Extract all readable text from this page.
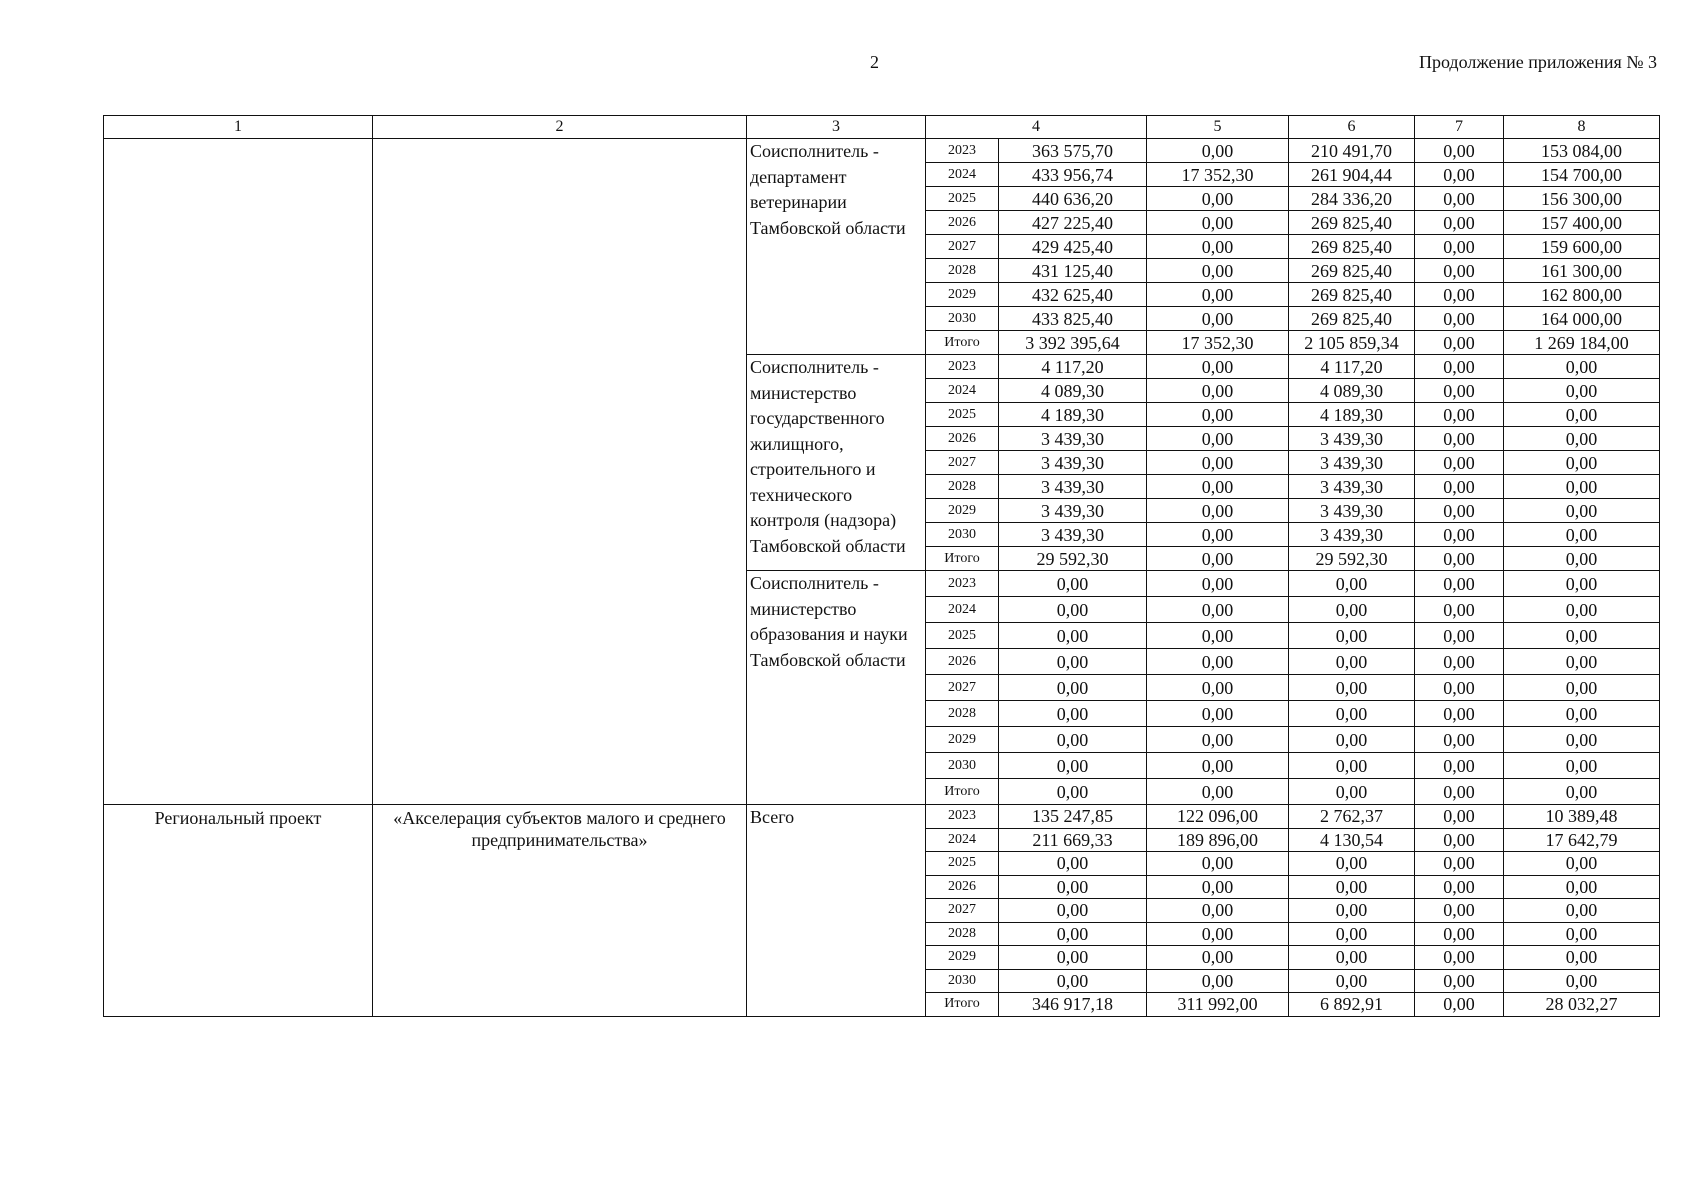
2	Продолжение приложения № 3
1	2	3	4		5	6	7	8
		Соисполнитель - департамент ветеринарии Тамбовской области	2023	363 575,70	0,00	210 491,70	0,00	153 084,00
			2024	433 956,74	17 352,30	261 904,44	0,00	154 700,00
			2025	440 636,20	0,00	284 336,20	0,00	156 300,00
			2026	427 225,40	0,00	269 825,40	0,00	157 400,00
			2027	429 425,40	0,00	269 825,40	0,00	159 600,00
			2028	431 125,40	0,00	269 825,40	0,00	161 300,00
			2029	432 625,40	0,00	269 825,40	0,00	162 800,00
			2030	433 825,40	0,00	269 825,40	0,00	164 000,00
			Итого	3 392 395,64	17 352,30	2 105 859,34	0,00	1 269 184,00
		Соисполнитель - министерство государственного жилищного, строительного и технического контроля (надзора) Тамбовской области	2023	4 117,20	0,00	4 117,20	0,00	0,00
			2024	4 089,30	0,00	4 089,30	0,00	0,00
			2025	4 189,30	0,00	4 189,30	0,00	0,00
			2026	3 439,30	0,00	3 439,30	0,00	0,00
			2027	3 439,30	0,00	3 439,30	0,00	0,00
			2028	3 439,30	0,00	3 439,30	0,00	0,00
			2029	3 439,30	0,00	3 439,30	0,00	0,00
			2030	3 439,30	0,00	3 439,30	0,00	0,00
			Итого	29 592,30	0,00	29 592,30	0,00	0,00
		Соисполнитель - министерство образования и науки Тамбовской области	2023	0,00	0,00	0,00	0,00	0,00
			2024	0,00	0,00	0,00	0,00	0,00
			2025	0,00	0,00	0,00	0,00	0,00
			2026	0,00	0,00	0,00	0,00	0,00
			2027	0,00	0,00	0,00	0,00	0,00
			2028	0,00	0,00	0,00	0,00	0,00
			2029	0,00	0,00	0,00	0,00	0,00
			2030	0,00	0,00	0,00	0,00	0,00
			Итого	0,00	0,00	0,00	0,00	0,00
Региональный проект	«Акселерация субъектов малого и среднего предпринимательства»	Всего	2023	135 247,85	122 096,00	2 762,37	0,00	10 389,48
			2024	211 669,33	189 896,00	4 130,54	0,00	17 642,79
			2025	0,00	0,00	0,00	0,00	0,00
			2026	0,00	0,00	0,00	0,00	0,00
			2027	0,00	0,00	0,00	0,00	0,00
			2028	0,00	0,00	0,00	0,00	0,00
			2029	0,00	0,00	0,00	0,00	0,00
			2030	0,00	0,00	0,00	0,00	0,00
			Итого	346 917,18	311 992,00	6 892,91	0,00	28 032,27
